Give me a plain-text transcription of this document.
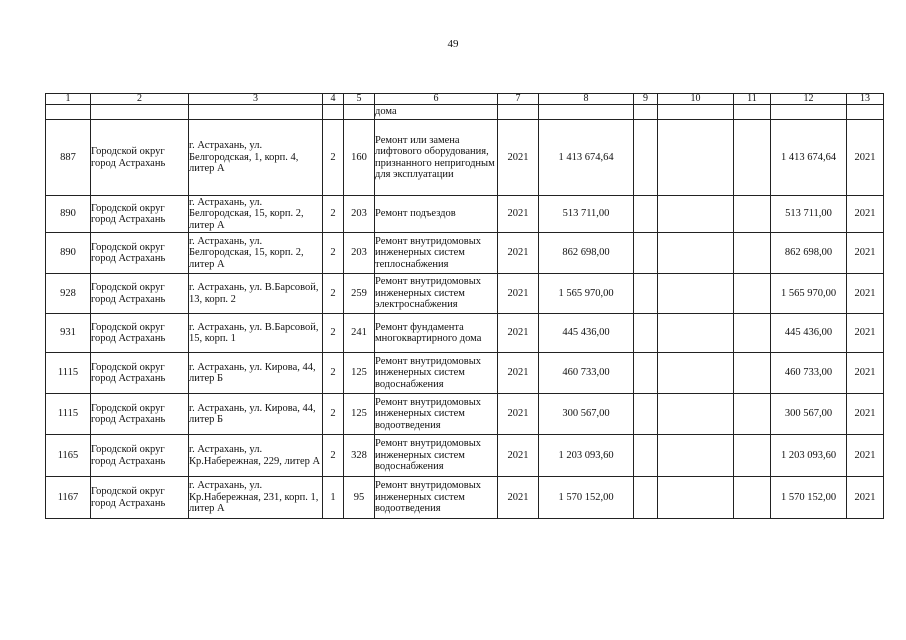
49
1	2	3	4	5	6	7	8	9	10	11	12	13
					дома							
887	Городской округ город Астрахань	г. Астрахань, ул. Белгородская, 1, корп. 4, литер А	2	160	Ремонт или замена лифтового оборудования, признанного непригодным для эксплуатации	2021	1 413 674,64				1 413 674,64	2021
890	Городской округ город Астрахань	г. Астрахань, ул. Белгородская, 15, корп. 2, литер А	2	203	Ремонт подъездов	2021	513 711,00				513 711,00	2021
890	Городской округ город Астрахань	г. Астрахань, ул. Белгородская, 15, корп. 2, литер А	2	203	Ремонт внутридомовых инженерных систем теплоснабжения	2021	862 698,00				862 698,00	2021
928	Городской округ город Астрахань	г. Астрахань, ул. В.Барсовой, 13, корп. 2	2	259	Ремонт внутридомовых инженерных систем электроснабжения	2021	1 565 970,00				1 565 970,00	2021
931	Городской округ город Астрахань	г. Астрахань, ул. В.Барсовой, 15, корп. 1	2	241	Ремонт фундамента многоквартирного дома	2021	445 436,00				445 436,00	2021
1115	Городской округ город Астрахань	г. Астрахань, ул. Кирова, 44, литер Б	2	125	Ремонт внутридомовых инженерных систем водоснабжения	2021	460 733,00				460 733,00	2021
1115	Городской округ город Астрахань	г. Астрахань, ул. Кирова, 44, литер Б	2	125	Ремонт внутридомовых инженерных систем водоотведения	2021	300 567,00				300 567,00	2021
1165	Городской округ город Астрахань	г. Астрахань, ул. Кр.Набережная, 229, литер А	2	328	Ремонт внутридомовых инженерных систем водоснабжения	2021	1 203 093,60				1 203 093,60	2021
1167	Городской округ город Астрахань	г. Астрахань, ул. Кр.Набережная, 231, корп. 1, литер А	1	95	Ремонт внутридомовых инженерных систем водоотведения	2021	1 570 152,00				1 570 152,00	2021
